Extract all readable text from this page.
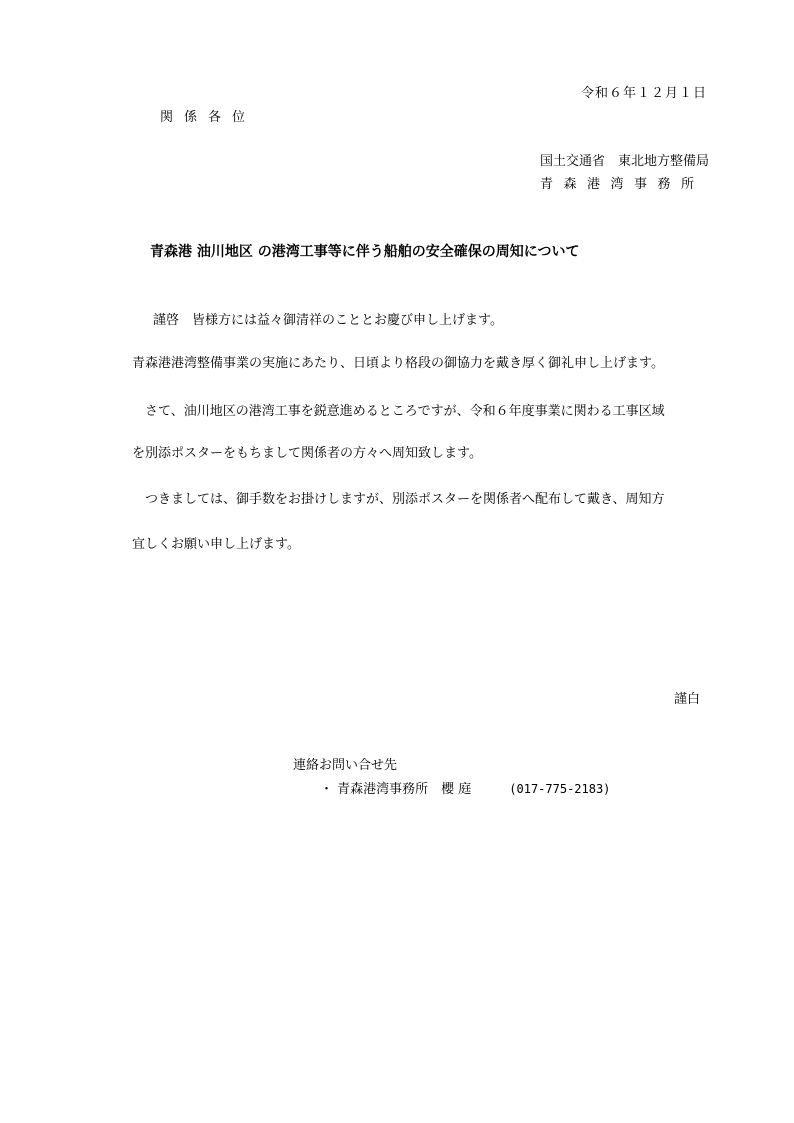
令和６年１２月１日
関係各位
国土交通省　東北地方整備局
青森港湾事務所
青森港 油川地区 の港湾工事等に伴う船舶の安全確保の周知について
謹啓　皆様方には益々御清祥のこととお慶び申し上げます。
青森港港湾整備事業の実施にあたり、日頃より格段の御協力を戴き厚く御礼申し上げます。
　さて、油川地区の港湾工事を鋭意進めるところですが、令和６年度事業に関わる工事区域
を別添ポスターをもちまして関係者の方々へ周知致します。
　つきましては、御手数をお掛けしますが、別添ポスターを関係者へ配布して戴き、周知方
宜しくお願い申し上げます。
謹白
連絡お問い合せ先
・ 青森港湾事務所　櫻 庭	(017-775-2183)
